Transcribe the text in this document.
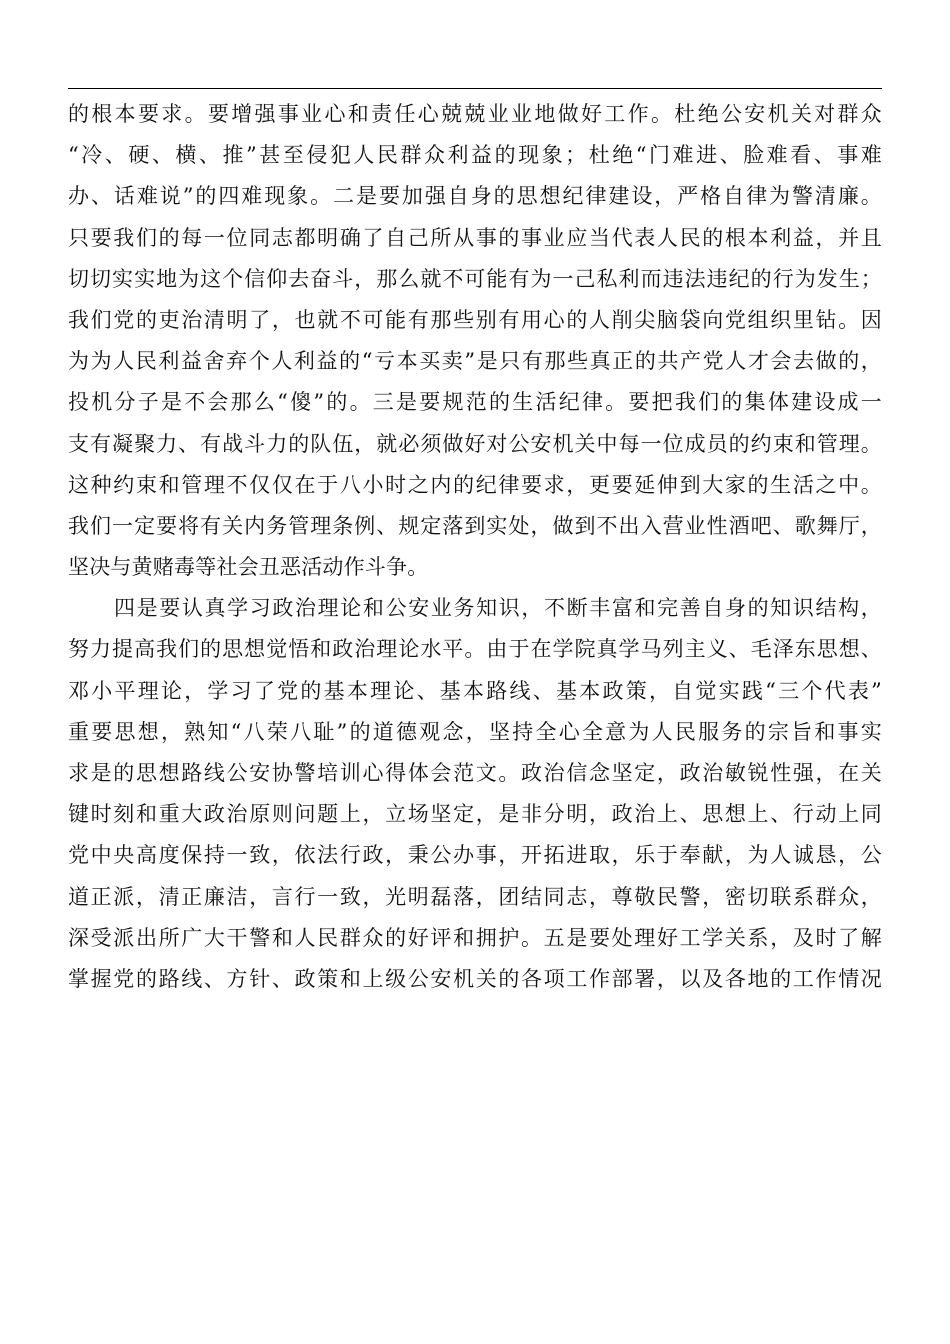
的根本要求。要增强事业心和责任心兢兢业业地做好工作。杜绝公安机关对群众
“冷、硬、横、推”甚至侵犯人民群众利益的现象；杜绝“门难进、脸难看、事难
办、话难说”的四难现象。二是要加强自身的思想纪律建设，严格自律为警清廉。
只要我们的每一位同志都明确了自己所从事的事业应当代表人民的根本利益，并且
切切实实地为这个信仰去奋斗，那么就不可能有为一己私利而违法违纪的行为发生；
我们党的吏治清明了，也就不可能有那些别有用心的人削尖脑袋向党组织里钻。因
为为人民利益舍弃个人利益的“亏本买卖”是只有那些真正的共产党人才会去做的，
投机分子是不会那么“傻”的。三是要规范的生活纪律。要把我们的集体建设成一
支有凝聚力、有战斗力的队伍，就必须做好对公安机关中每一位成员的约束和管理。
这种约束和管理不仅仅在于八小时之内的纪律要求，更要延伸到大家的生活之中。
我们一定要将有关内务管理条例、规定落到实处，做到不出入营业性酒吧、歌舞厅，
坚决与黄赌毒等社会丑恶活动作斗争。
四是要认真学习政治理论和公安业务知识，不断丰富和完善自身的知识结构，
努力提高我们的思想觉悟和政治理论水平。由于在学院真学马列主义、毛泽东思想、
邓小平理论，学习了党的基本理论、基本路线、基本政策，自觉实践“三个代表”
重要思想，熟知“八荣八耻”的道德观念，坚持全心全意为人民服务的宗旨和事实
求是的思想路线公安协警培训心得体会范文。政治信念坚定，政治敏锐性强，在关
键时刻和重大政治原则问题上，立场坚定，是非分明，政治上、思想上、行动上同
党中央高度保持一致，依法行政，秉公办事，开拓进取，乐于奉献，为人诚恳，公
道正派，清正廉洁，言行一致，光明磊落，团结同志，尊敬民警，密切联系群众，
深受派出所广大干警和人民群众的好评和拥护。五是要处理好工学关系，及时了解
掌握党的路线、方针、政策和上级公安机关的各项工作部署，以及各地的工作情况
